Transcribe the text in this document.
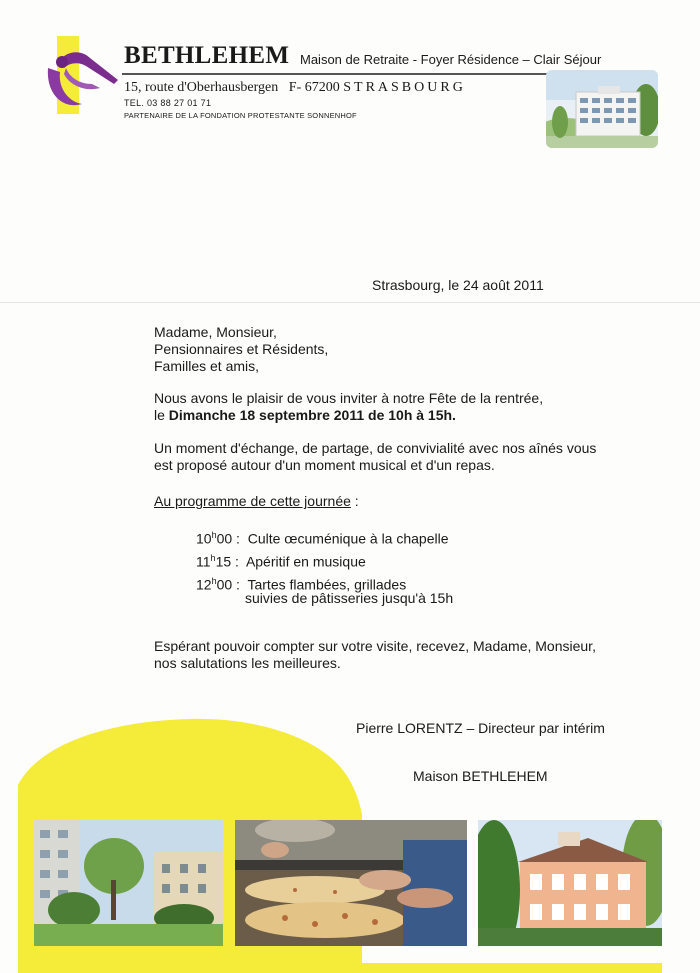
BETHLEHEM Maison de Retraite - Foyer Résidence – Clair Séjour
15, route d'Oberhausbergen F- 67200 STRASBOURG
TEL. 03 88 27 01 71
PARTENAIRE DE LA FONDATION PROTESTANTE SONNENHOF
Strasbourg, le 24 août 2011
Madame, Monsieur,
Pensionnaires et Résidents,
Familles et amis,
Nous avons le plaisir de vous inviter à notre Fête de la rentrée,
le Dimanche 18 septembre 2011 de 10h à 15h.
Un moment d'échange, de partage, de convivialité avec nos aînés vous
est proposé autour d'un moment musical et d'un repas.
Au programme de cette journée :
10$^h$00 :  Culte œcuménique à la chapelle
11$^h$15 :  Apéritif en musique
12$^h$00 :  Tartes flambées, grillades
suivies de pâtisseries jusqu'à 15h
Espérant pouvoir compter sur votre visite, recevez, Madame, Monsieur,
nos salutations les meilleures.
Pierre LORENTZ – Directeur par intérim
Maison BETHLEHEM
